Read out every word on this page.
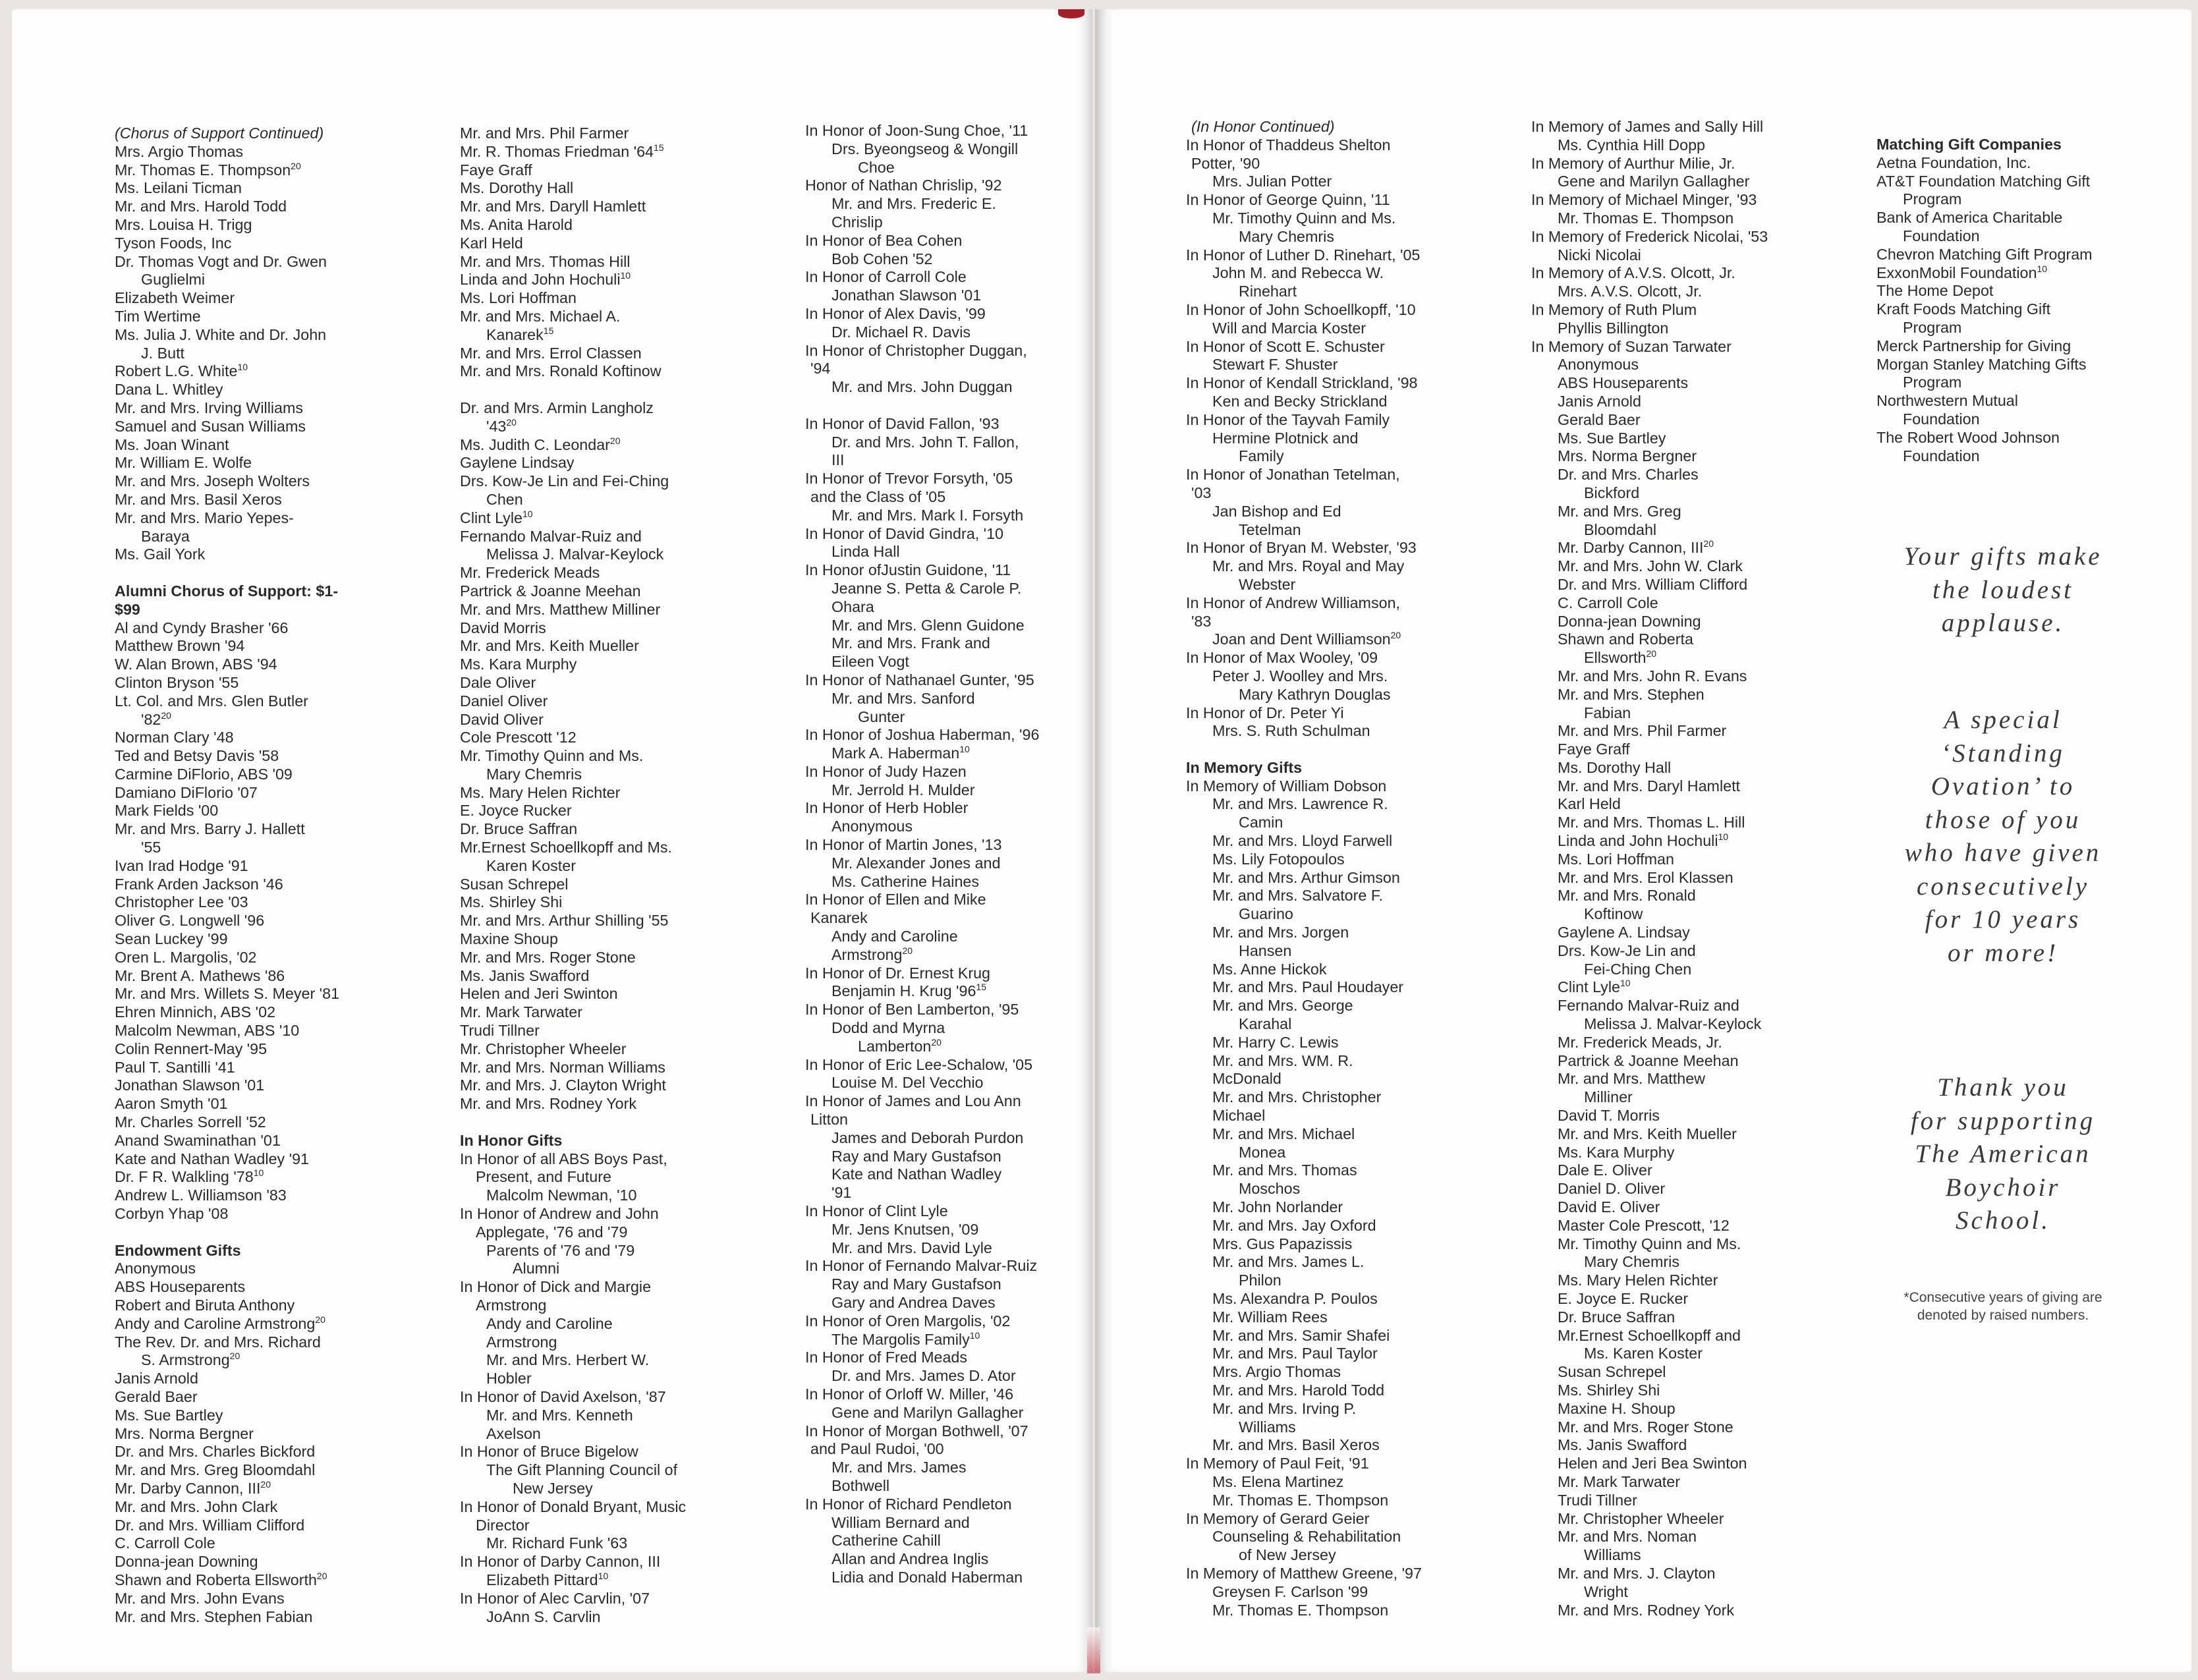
(Chorus of Support Continued)
Mrs. Argio Thomas
Mr. Thomas E. Thompson$^{20}$
Ms. Leilani Ticman
Mr. and Mrs. Harold Todd
Mrs. Louisa H. Trigg
Tyson Foods, Inc
Dr. Thomas Vogt and Dr. Gwen
Guglielmi
Elizabeth Weimer
Tim Wertime
Ms. Julia J. White and Dr. John
J. Butt
Robert L.G. White$^{10}$
Dana L. Whitley
Mr. and Mrs. Irving Williams
Samuel and Susan Williams
Ms. Joan Winant
Mr. William E. Wolfe
Mr. and Mrs. Joseph Wolters
Mr. and Mrs. Basil Xeros
Mr. and Mrs. Mario Yepes-
Baraya
Ms. Gail York
Alumni Chorus of Support: $1-
$99
Al and Cyndy Brasher '66
Matthew Brown '94
W. Alan Brown, ABS '94
Clinton Bryson '55
Lt. Col. and Mrs. Glen Butler
'$82^{20}$
Norman Clary '48
Ted and Betsy Davis '58
Carmine DiFlorio, ABS '09
Damiano DiFlorio '07
Mark Fields '00
Mr. and Mrs. Barry J. Hallett
'55
Ivan Irad Hodge '91
Frank Arden Jackson '46
Christopher Lee '03
Oliver G. Longwell '96
Sean Luckey '99
Oren L. Margolis, '02
Mr. Brent A. Mathews '86
Mr. and Mrs. Willets S. Meyer '81
Ehren Minnich, ABS '02
Malcolm Newman, ABS '10
Colin Rennert-May '95
Paul T. Santilli '41
Jonathan Slawson '01
Aaron Smyth '01
Mr. Charles Sorrell '52
Anand Swaminathan '01
Kate and Nathan Wadley '91
Dr. F R. Walkling '$78^{10}$
Andrew L. Williamson '83
Corbyn Yhap '08
Endowment Gifts
Anonymous
ABS Houseparents
Robert and Biruta Anthony
Andy and Caroline Armstrong$^{20}$
The Rev. Dr. and Mrs. Richard
S. Armstrong$^{20}$
Janis Arnold
Gerald Baer
Ms. Sue Bartley
Mrs. Norma Bergner
Dr. and Mrs. Charles Bickford
Mr. and Mrs. Greg Bloomdahl
Mr. Darby Cannon, III$^{20}$
Mr. and Mrs. John Clark
Dr. and Mrs. William Clifford
C. Carroll Cole
Donna-jean Downing
Shawn and Roberta Ellsworth$^{20}$
Mr. and Mrs. John Evans
Mr. and Mrs. Stephen Fabian
Mr. and Mrs. Phil Farmer
Mr. R. Thomas Friedman '$64^{15}$
Faye Graff
Ms. Dorothy Hall
Mr. and Mrs. Daryll Hamlett
Ms. Anita Harold
Karl Held
Mr. and Mrs. Thomas Hill
Linda and John Hochuli$^{10}$
Ms. Lori Hoffman
Mr. and Mrs. Michael A.
Kanarek$^{15}$
Mr. and Mrs. Errol Classen
Mr. and Mrs. Ronald Koftinow
Dr. and Mrs. Armin Langholz
'$43^{20}$
Ms. Judith C. Leondar$^{20}$
Gaylene Lindsay
Drs. Kow-Je Lin and Fei-Ching
Chen
Clint Lyle$^{10}$
Fernando Malvar-Ruiz and
Melissa J. Malvar-Keylock
Mr. Frederick Meads
Partrick & Joanne Meehan
Mr. and Mrs. Matthew Milliner
David Morris
Mr. and Mrs. Keith Mueller
Ms. Kara Murphy
Dale Oliver
Daniel Oliver
David Oliver
Cole Prescott '12
Mr. Timothy Quinn and Ms.
Mary Chemris
Ms. Mary Helen Richter
E. Joyce Rucker
Dr. Bruce Saffran
Mr.Ernest Schoellkopff and Ms.
Karen Koster
Susan Schrepel
Ms. Shirley Shi
Mr. and Mrs. Arthur Shilling '55
Maxine Shoup
Mr. and Mrs. Roger Stone
Ms. Janis Swafford
Helen and Jeri Swinton
Mr. Mark Tarwater
Trudi Tillner
Mr. Christopher Wheeler
Mr. and Mrs. Norman Williams
Mr. and Mrs. J. Clayton Wright
Mr. and Mrs. Rodney York
In Honor Gifts
In Honor of all ABS Boys Past,
Present, and Future
Malcolm Newman, '10
In Honor of Andrew and John
Applegate, '76 and '79
Parents of '76 and '79
Alumni
In Honor of Dick and Margie
Armstrong
Andy and Caroline
Armstrong
Mr. and Mrs. Herbert W.
Hobler
In Honor of David Axelson, '87
Mr. and Mrs. Kenneth
Axelson
In Honor of Bruce Bigelow
The Gift Planning Council of
New Jersey
In Honor of Donald Bryant, Music
Director
Mr. Richard Funk '63
In Honor of Darby Cannon, III
Elizabeth Pittard$^{10}$
In Honor of Alec Carvlin, '07
JoAnn S. Carvlin
In Honor of Joon-Sung Choe, '11
Drs. Byeongseog & Wongill
Choe
Honor of Nathan Chrislip, '92
Mr. and Mrs. Frederic E.
Chrislip
In Honor of Bea Cohen
Bob Cohen '52
In Honor of Carroll Cole
Jonathan Slawson '01
In Honor of Alex Davis, '99
Dr. Michael R. Davis
In Honor of Christopher Duggan,
'94
Mr. and Mrs. John Duggan
In Honor of David Fallon, '93
Dr. and Mrs. John T. Fallon,
III
In Honor of Trevor Forsyth, '05
and the Class of '05
Mr. and Mrs. Mark I. Forsyth
In Honor of David Gindra, '10
Linda Hall
In Honor ofJustin Guidone, '11
Jeanne S. Petta & Carole P.
Ohara
Mr. and Mrs. Glenn Guidone
Mr. and Mrs. Frank and
Eileen Vogt
In Honor of Nathanael Gunter, '95
Mr. and Mrs. Sanford
Gunter
In Honor of Joshua Haberman, '96
Mark A. Haberman$^{10}$
In Honor of Judy Hazen
Mr. Jerrold H. Mulder
In Honor of Herb Hobler
Anonymous
In Honor of Martin Jones, '13
Mr. Alexander Jones and
Ms. Catherine Haines
In Honor of Ellen and Mike
Kanarek
Andy and Caroline
Armstrong$^{20}$
In Honor of Dr. Ernest Krug
Benjamin H. Krug '$96^{15}$
In Honor of Ben Lamberton, '95
Dodd and Myrna
Lamberton$^{20}$
In Honor of Eric Lee-Schalow, '05
Louise M. Del Vecchio
In Honor of James and Lou Ann
Litton
James and Deborah Purdon
Ray and Mary Gustafson
Kate and Nathan Wadley
'91
In Honor of Clint Lyle
Mr. Jens Knutsen, '09
Mr. and Mrs. David Lyle
In Honor of Fernando Malvar-Ruiz
Ray and Mary Gustafson
Gary and Andrea Daves
In Honor of Oren Margolis, '02
The Margolis Family$^{10}$
In Honor of Fred Meads
Dr. and Mrs. James D. Ator
In Honor of Orloff W. Miller, '46
Gene and Marilyn Gallagher
In Honor of Morgan Bothwell, '07
and Paul Rudoi, '00
Mr. and Mrs. James
Bothwell
In Honor of Richard Pendleton
William Bernard and
Catherine Cahill
Allan and Andrea Inglis
Lidia and Donald Haberman
(In Honor Continued)
In Honor of Thaddeus Shelton
Potter, '90
Mrs. Julian Potter
In Honor of George Quinn, '11
Mr. Timothy Quinn and Ms.
Mary Chemris
In Honor of Luther D. Rinehart, '05
John M. and Rebecca W.
Rinehart
In Honor of John Schoellkopff, '10
Will and Marcia Koster
In Honor of Scott E. Schuster
Stewart F. Shuster
In Honor of Kendall Strickland, '98
Ken and Becky Strickland
In Honor of the Tayvah Family
Hermine Plotnick and
Family
In Honor of Jonathan Tetelman,
'03
Jan Bishop and Ed
Tetelman
In Honor of Bryan M. Webster, '93
Mr. and Mrs. Royal and May
Webster
In Honor of Andrew Williamson,
'83
Joan and Dent Williamson$^{20}$
In Honor of Max Wooley, '09
Peter J. Woolley and Mrs.
Mary Kathryn Douglas
In Honor of Dr. Peter Yi
Mrs. S. Ruth Schulman
In Memory Gifts
In Memory of William Dobson
Mr. and Mrs. Lawrence R.
Camin
Mr. and Mrs. Lloyd Farwell
Ms. Lily Fotopoulos
Mr. and Mrs. Arthur Gimson
Mr. and Mrs. Salvatore F.
Guarino
Mr. and Mrs. Jorgen
Hansen
Ms. Anne Hickok
Mr. and Mrs. Paul Houdayer
Mr. and Mrs. George
Karahal
Mr. Harry C. Lewis
Mr. and Mrs. WM. R.
McDonald
Mr. and Mrs. Christopher
Michael
Mr. and Mrs. Michael
Monea
Mr. and Mrs. Thomas
Moschos
Mr. John Norlander
Mr. and Mrs. Jay Oxford
Mrs. Gus Papazissis
Mr. and Mrs. James L.
Philon
Ms. Alexandra P. Poulos
Mr. William Rees
Mr. and Mrs. Samir Shafei
Mr. and Mrs. Paul Taylor
Mrs. Argio Thomas
Mr. and Mrs. Harold Todd
Mr. and Mrs. Irving P.
Williams
Mr. and Mrs. Basil Xeros
In Memory of Paul Feit, '91
Ms. Elena Martinez
Mr. Thomas E. Thompson
In Memory of Gerard Geier
Counseling & Rehabilitation
of New Jersey
In Memory of Matthew Greene, '97
Greysen F. Carlson '99
Mr. Thomas E. Thompson
In Memory of James and Sally Hill
Ms. Cynthia Hill Dopp
In Memory of Aurthur Milie, Jr.
Gene and Marilyn Gallagher
In Memory of Michael Minger, '93
Mr. Thomas E. Thompson
In Memory of Frederick Nicolai, '53
Nicki Nicolai
In Memory of A.V.S. Olcott, Jr.
Mrs. A.V.S. Olcott, Jr.
In Memory of Ruth Plum
Phyllis Billington
In Memory of Suzan Tarwater
Anonymous
ABS Houseparents
Janis Arnold
Gerald Baer
Ms. Sue Bartley
Mrs. Norma Bergner
Dr. and Mrs. Charles
Bickford
Mr. and Mrs. Greg
Bloomdahl
Mr. Darby Cannon, III$^{20}$
Mr. and Mrs. John W. Clark
Dr. and Mrs. William Clifford
C. Carroll Cole
Donna-jean Downing
Shawn and Roberta
Ellsworth$^{20}$
Mr. and Mrs. John R. Evans
Mr. and Mrs. Stephen
Fabian
Mr. and Mrs. Phil Farmer
Faye Graff
Ms. Dorothy Hall
Mr. and Mrs. Daryl Hamlett
Karl Held
Mr. and Mrs. Thomas L. Hill
Linda and John Hochuli$^{10}$
Ms. Lori Hoffman
Mr. and Mrs. Erol Klassen
Mr. and Mrs. Ronald
Koftinow
Gaylene A. Lindsay
Drs. Kow-Je Lin and
Fei-Ching Chen
Clint Lyle$^{10}$
Fernando Malvar-Ruiz and
Melissa J. Malvar-Keylock
Mr. Frederick Meads, Jr.
Partrick & Joanne Meehan
Mr. and Mrs. Matthew
Milliner
David T. Morris
Mr. and Mrs. Keith Mueller
Ms. Kara Murphy
Dale E. Oliver
Daniel D. Oliver
David E. Oliver
Master Cole Prescott, '12
Mr. Timothy Quinn and Ms.
Mary Chemris
Ms. Mary Helen Richter
E. Joyce E. Rucker
Dr. Bruce Saffran
Mr.Ernest Schoellkopff and
Ms. Karen Koster
Susan Schrepel
Ms. Shirley Shi
Maxine H. Shoup
Mr. and Mrs. Roger Stone
Ms. Janis Swafford
Helen and Jeri Bea Swinton
Mr. Mark Tarwater
Trudi Tillner
Mr. Christopher Wheeler
Mr. and Mrs. Noman
Williams
Mr. and Mrs. J. Clayton
Wright
Mr. and Mrs. Rodney York
Matching Gift Companies
Aetna Foundation, Inc.
AT&T Foundation Matching Gift
Program
Bank of America Charitable
Foundation
Chevron Matching Gift Program
ExxonMobil Foundation$^{10}$
The Home Depot
Kraft Foods Matching Gift
Program
Merck Partnership for Giving
Morgan Stanley Matching Gifts
Program
Northwestern Mutual
Foundation
The Robert Wood Johnson
Foundation
Your gifts make
the loudest
applause.
A special
‘Standing
Ovation’ to
those of you
who have given
consecutively
for 10 years
or more!
Thank you
for supporting
The American
Boychoir
School.
*Consecutive years of giving are
denoted by raised numbers.
